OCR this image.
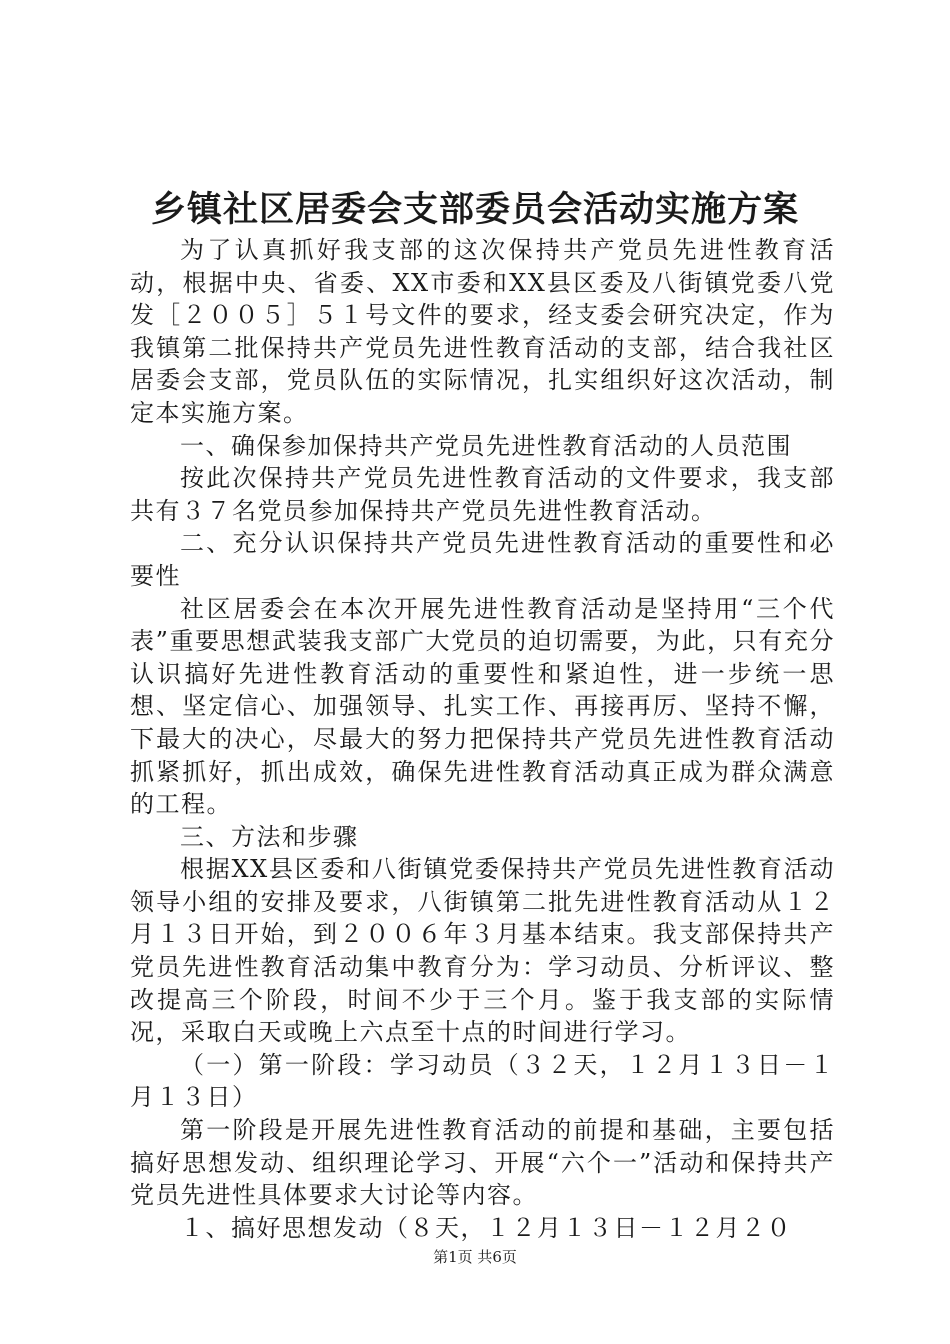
乡镇社区居委会支部委员会活动实施方案

为了认真抓好我支部的这次保持共产党员先进性教育活动，根据中央、省委、XX市委和XX县区委及八街镇党委八党发［２００５］５１号文件的要求，经支委会研究决定，作为我镇第二批保持共产党员先进性教育活动的支部，结合我社区居委会支部，党员队伍的实际情况，扎实组织好这次活动，制定本实施方案。

一、确保参加保持共产党员先进性教育活动的人员范围

按此次保持共产党员先进性教育活动的文件要求，我支部共有３７名党员参加保持共产党员先进性教育活动。

二、充分认识保持共产党员先进性教育活动的重要性和必要性

社区居委会在本次开展先进性教育活动是坚持用“三个代表”重要思想武装我支部广大党员的迫切需要，为此，只有充分认识搞好先进性教育活动的重要性和紧迫性，进一步统一思想、坚定信心、加强领导、扎实工作、再接再厉、坚持不懈，下最大的决心，尽最大的努力把保持共产党员先进性教育活动抓紧抓好，抓出成效，确保先进性教育活动真正成为群众满意的工程。

三、方法和步骤

根据XX县区委和八街镇党委保持共产党员先进性教育活动领导小组的安排及要求，八街镇第二批先进性教育活动从１２月１３日开始，到２００６年３月基本结束。我支部保持共产党员先进性教育活动集中教育分为：学习动员、分析评议、整改提高三个阶段，时间不少于三个月。鉴于我支部的实际情况，采取白天或晚上六点至十点的时间进行学习。

（一）第一阶段：学习动员（３２天，１２月１３日－１月１３日）

第一阶段是开展先进性教育活动的前提和基础，主要包括搞好思想发动、组织理论学习、开展“六个一”活动和保持共产党员先进性具体要求大讨论等内容。

１、搞好思想发动（８天，１２月１３日－１２月２０

第1页 共6页
